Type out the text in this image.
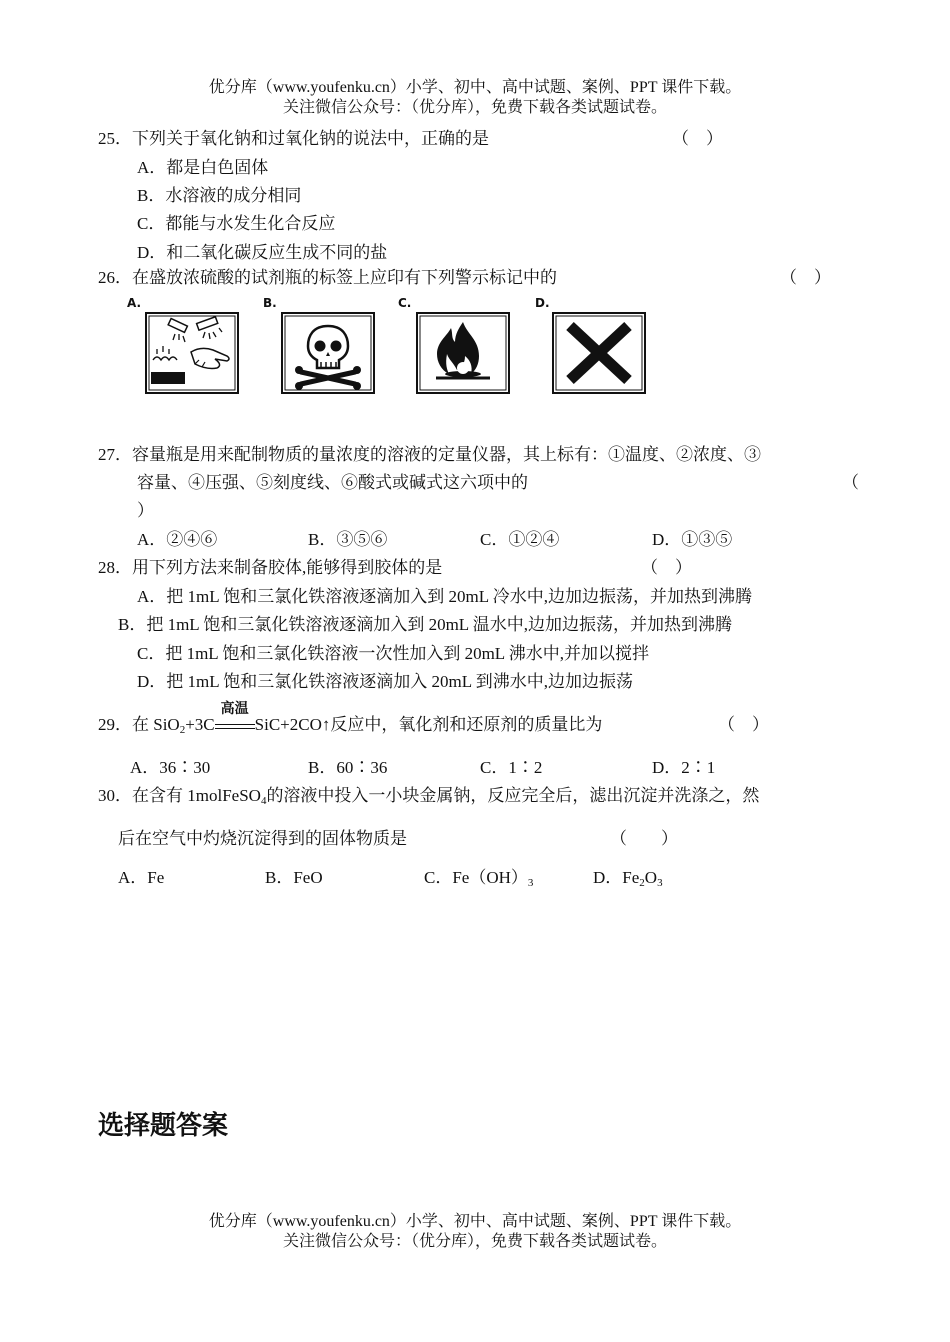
优分库（www.youfenku.cn）小学、初中、高中试题、案例、PPT 课件下载。
关注微信公众号：（优分库），免费下载各类试题试卷。
25．下列关于氧化钠和过氧化钠的说法中，正确的是	（　）
A．都是白色固体
B．水溶液的成分相同
C．都能与水发生化合反应
D．和二氧化碳反应生成不同的盐
26．在盛放浓硫酸的试剂瓶的标签上应印有下列警示标记中的	（　）
A.	B.	C.	D.
27．容量瓶是用来配制物质的量浓度的溶液的定量仪器，其上标有：①温度、②浓度、③
容量、④压强、⑤刻度线、⑥酸式或碱式这六项中的	（
）
A．②④⑥	B．③⑤⑥	C．①②④	D．①③⑤
28．用下列方法来制备胶体,能够得到胶体的是	（　）
A．把 1mL 饱和三氯化铁溶液逐滴加入到 20mL 冷水中,边加边振荡，并加热到沸腾
B．把 1mL 饱和三氯化铁溶液逐滴加入到 20mL 温水中,边加边振荡，并加热到沸腾
C．把 1mL 饱和三氯化铁溶液一次性加入到 20mL 沸水中,并加以搅拌
D．把 1mL 饱和三氯化铁溶液逐滴加入 20mL 到沸水中,边加边振荡
29．在 SiO$_2$+3C
高温
SiC+2CO↑反应中，氧化剂和还原剂的质量比为	（　）
A．36∶30	B．60∶36	C．1∶2	D．2∶1
30．在含有 1molFeSO$_4$的溶液中投入一小块金属钠，反应完全后，滤出沉淀并洗涤之，然
后在空气中灼烧沉淀得到的固体物质是	（　　）
A．Fe	B．FeO	C．$Fe(OH)_3$	D．$Fe_2O_3$
选择题答案
优分库（www.youfenku.cn）小学、初中、高中试题、案例、PPT 课件下载。
关注微信公众号：（优分库），免费下载各类试题试卷。
